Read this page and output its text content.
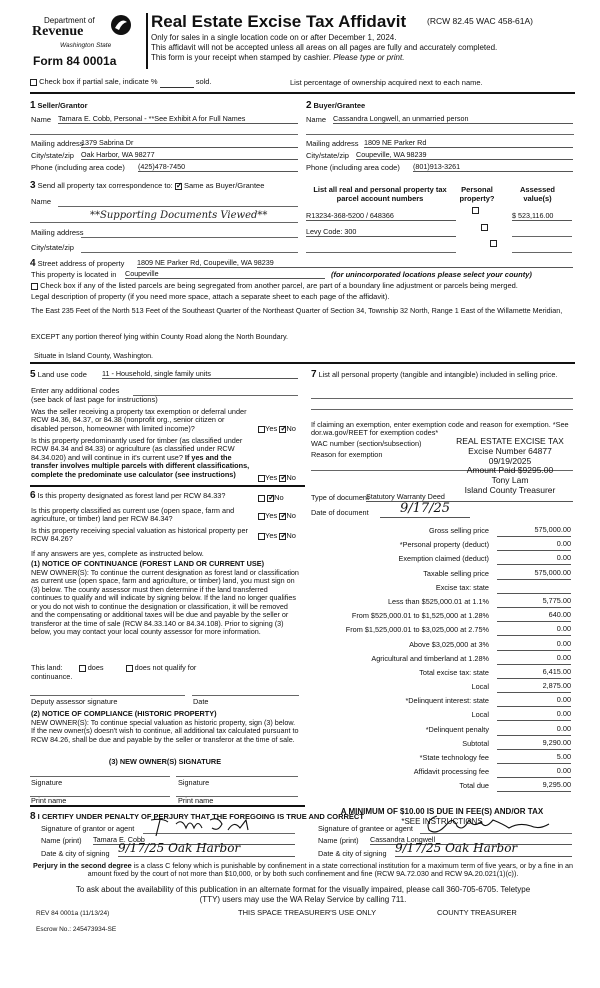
Department of
Revenue
Washington State
Form 84 0001a
Real Estate Excise Tax Affidavit (RCW 82.45 WAC 458-61A)
Only for sales in a single location code on or after December 1, 2024.
This affidavit will not be accepted unless all areas on all pages are fully and accurately completed.
This form is your receipt when stamped by cashier. Please type or print.
Check box if partial sale, indicate %	sold.	List percentage of ownership acquired next to each name.
1 Seller/Grantor
Name Tamara E. Cobb, Personal - **See Exhibit A for Full Names
Mailing address
1379 Sabrina Dr
City/state/zip Oak Harbor, WA 98277
Phone (including area code) (425)478-7450
2 Buyer/Grantee
Name Cassandra Longwell, an unmarried person
Mailing address 1809 NE Parker Rd
City/state/zip Coupeville, WA 98239
Phone (including area code) (801)913-3261
3 Send all property tax correspondence to: ✓ Same as Buyer/Grantee
Name
**Supporting Documents Viewed**
Mailing address
City/state/zip
List all real and personal property tax parcel account numbers
Personal property?
Assessed value(s)
R13234-368-5200 / 648366
	$ 523,116.00
Levy Code: 300

4 Street address of property 1809 NE Parker Rd, Coupeville, WA 98239
This property is located in Coupeville	(for unincorporated locations please select your county)
Check box if any of the listed parcels are being segregated from another parcel, are part of a boundary line adjustment or parcels being merged.
Legal description of property (if you need more space, attach a separate sheet to each page of the affidavit).
The East 235 Feet of the North 513 Feet of the Southeast Quarter of the Northeast Quarter of Section 34, Township 32 North, Range 1 East of the Willamette Meridian,
EXCEPT any portion thereof lying within County Road along the North Boundary.
Situate in Island County, Washington.
5 Land use code 11 - Household, single family units
Enter any additional codes
(see back of last page for instructions)
Was the seller receiving a property tax exemption or deferral under RCW 84.36, 84.37, or 84.38 (nonprofit org., senior citizen or disabled person, homeowner with limited income)?	Yes ✓ No
Is this property predominantly used for timber (as classified under RCW 84.34 and 84.33) or agriculture (as classified under RCW 84.34.020) and will continue in it's current use? If yes and the transfer involves multiple parcels with different classifications, complete the predominate use calculator (see instructions)	Yes ✓ No
6 Is this property designated as forest land per RCW 84.33? ✓	No
Is this property classified as current use (open space, farm and agriculture, or timber) land per RCW 84.34?	Yes ✓ No
Is this property receiving special valuation as historical property per RCW 84.26?	Yes ✓ No
If any answers are yes, complete as instructed below.
(1) NOTICE OF CONTINUANCE (FOREST LAND OR CURRENT USE)
NEW OWNER(S): To continue the current designation as forest land or classification as current use (open space, farm and agriculture, or timber) land, you must sign on (3) below. The county assessor must then determine if the land transferred continues to qualify and will indicate by signing below. If the land no longer qualifies or you do not wish to continue the designation or classification, it will be removed and the compensating or additional taxes will be due and payable by the seller or transferor at the time of sale (RCW 84.33.140 or 84.34.108). Prior to signing (3) below, you may contact your local county assessor for more information.
This land:	does	does not qualify for
continuance.
Deputy assessor signature	Date
(2) NOTICE OF COMPLIANCE (HISTORIC PROPERTY)
NEW OWNER(S): To continue special valuation as historic property, sign (3) below. If the new owner(s) doesn't wish to continue, all additional tax calculated pursuant to RCW 84.26, shall be due and payable by the seller or transferor at the time of sale.
(3) NEW OWNER(S) SIGNATURE
Signature	Signature
Print name	Print name
7 List all personal property (tangible and intangible) included in selling price.
If claiming an exemption, enter exemption code and reason for exemption. *See dor.wa.gov/REET for exemption codes*
WAC number (section/subsection)
Reason for exemption
REAL ESTATE EXCISE TAX
Excise Number 64877
09/19/2025
Amount Paid $9295.00
Tony Lam
Island County Treasurer
Type of document
Statutory Warranty Deed
Date of document	9/17/25
Gross selling price	575,000.00
*Personal property (deduct)	0.00
Exemption claimed (deduct)	0.00
Taxable selling price	575,000.00
Excise tax: state
Less than $525,000.01 at 1.1%	5,775.00
From $525,000.01 to $1,525,000 at 1.28%	640.00
From $1,525,000.01 to $3,025,000 at 2.75%	0.00
Above $3,025,000 at 3%	0.00
Agricultural and timberland at 1.28%	0.00
Total excise tax: state	6,415.00
Local	2,875.00
*Delinquent interest: state	0.00
Local	0.00
*Delinquent penalty	0.00
Subtotal	9,290.00
*State technology fee	5.00
Affidavit processing fee	0.00
Total due	9,295.00
A MINIMUM OF $10.00 IS DUE IN FEE(S) AND/OR TAX
*SEE INSTRUCTIONS
8 I CERTIFY UNDER PENALTY OF PERJURY THAT THE FOREGOING IS TRUE AND CORRECT
Signature of grantor or agent
Name (print) Tamara E. Cobb
Date & city of signing 9/17/25 Oak Harbor
Signature of grantee or agent
Name (print) Cassandra Longwell
Date & city of signing 9/17/25 Oak Harbor
Perjury in the second degree is a class C felony which is punishable by confinement in a state correctional institution for a maximum term of five years, or by a fine in an amount fixed by the court of not more than $10,000, or by both such confinement and fine (RCW 9A.72.030 and RCW 9A.20.021(1)(c)).
To ask about the availability of this publication in an alternate format for the visually impaired, please call 360-705-6705. Teletype
(TTY) users may use the WA Relay Service by calling 711.
REV 84 0001a (11/13/24)	THIS SPACE TREASURER'S USE ONLY	COUNTY TREASURER
Escrow No.: 245473934-SE
